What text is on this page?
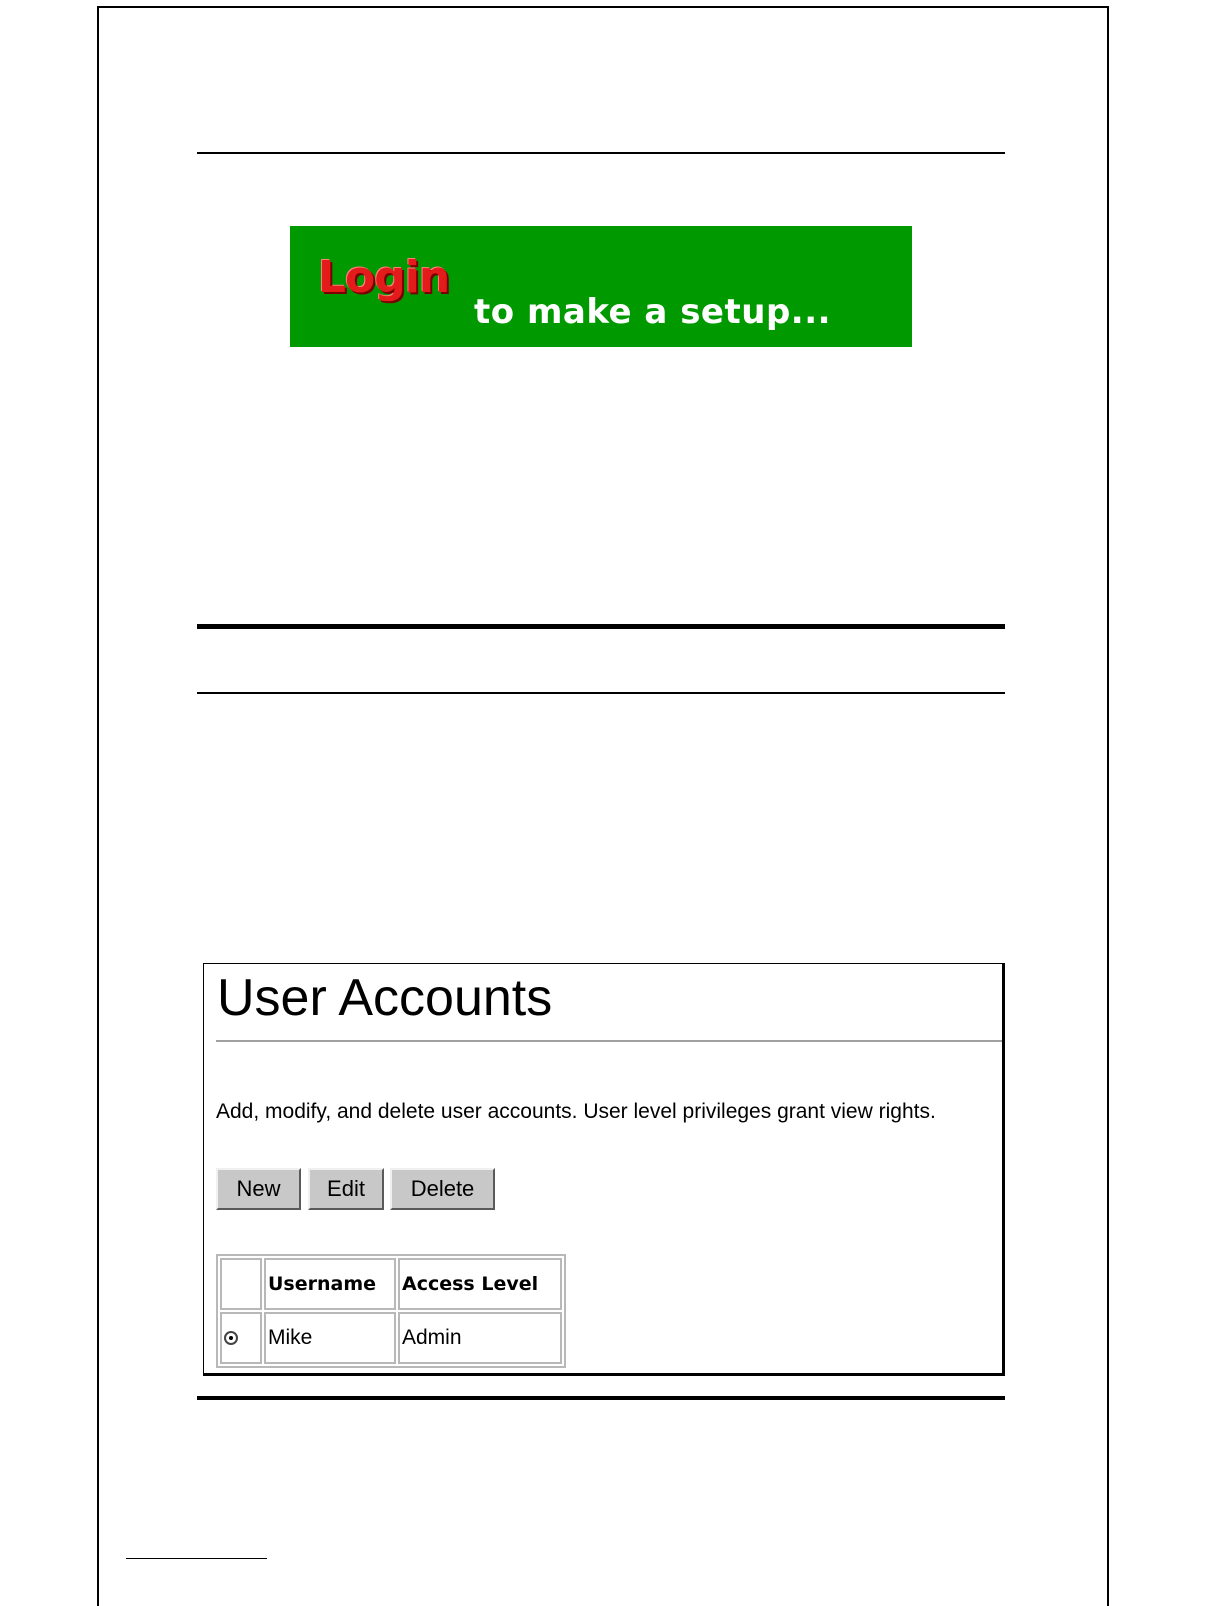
Login
to make a setup...
User Accounts
Add, modify, and delete user accounts. User level privileges grant view rights.
New	Edit	Delete
	Username	Access Level
	Mike	Admin
